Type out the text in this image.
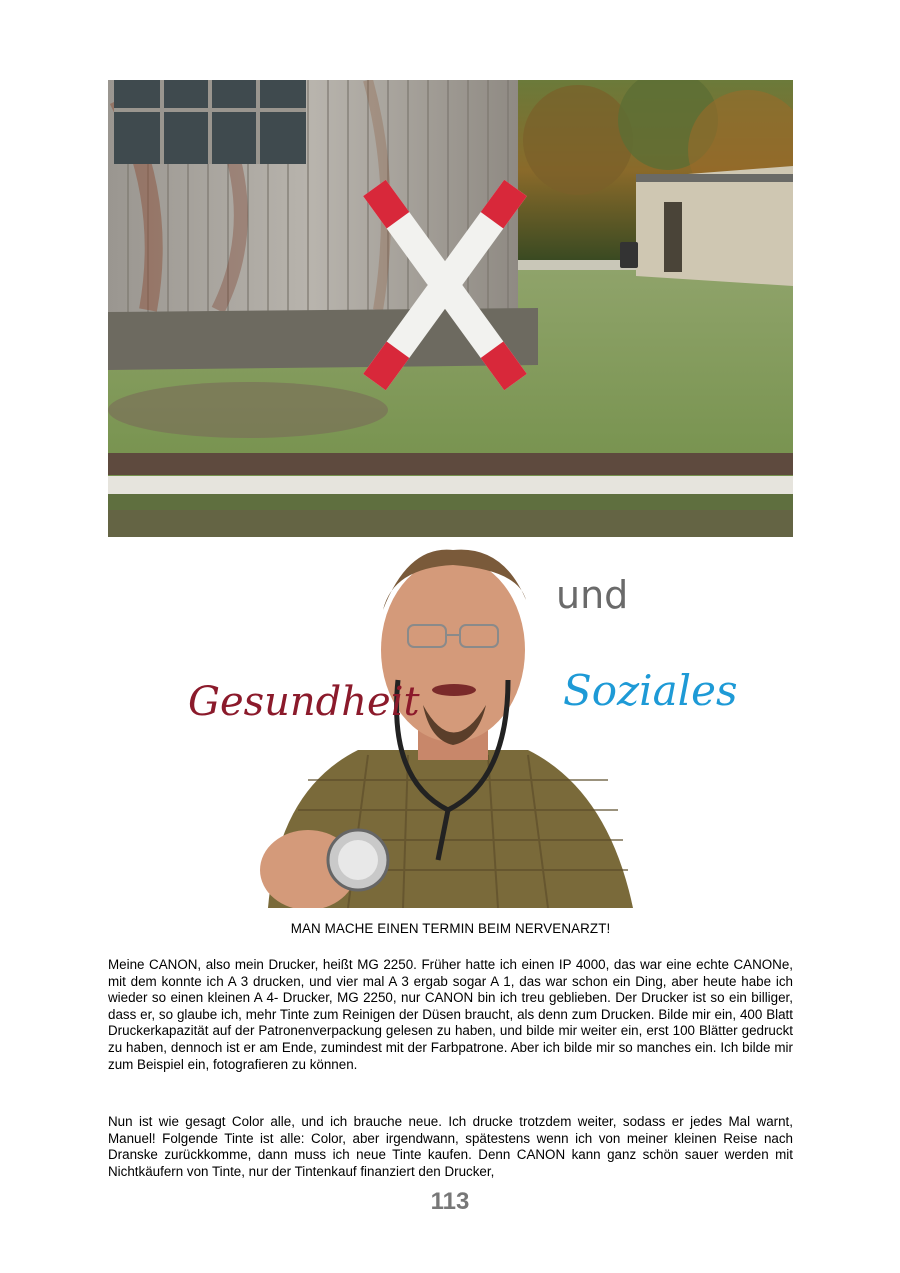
Gesundheit
und
Soziales
MAN MACHE EINEN TERMIN BEIM NERVENARZT!

Meine CANON, also mein Drucker, heißt MG 2250. Früher hatte ich einen IP 4000, das war eine echte CANONe, mit dem konnte ich A 3 drucken, und vier mal A 3 ergab sogar A 1, das war schon ein Ding, aber heute habe ich wieder so einen kleinen A 4- Drucker, MG 2250, nur CANON bin ich treu geblieben. Der Drucker ist so ein billiger, dass er, so glaube ich, mehr Tinte zum Reinigen der Düsen braucht, als denn zum Drucken. Bilde mir ein, 400 Blatt Druckerkapazität auf der Patronenverpackung gelesen zu haben, und bilde mir weiter ein, erst 100 Blätter gedruckt zu haben, dennoch ist er am Ende, zumindest mit der Farbpatrone. Aber ich bilde mir so manches ein. Ich bilde mir zum Beispiel ein, fotografieren zu können.

Nun ist wie gesagt Color alle, und ich brauche neue. Ich drucke trotzdem weiter, sodass er jedes Mal warnt, Manuel! Folgende Tinte ist alle: Color, aber irgendwann, spätestens wenn ich von meiner kleinen Reise nach Dranske zurückkomme, dann muss ich neue Tinte kaufen. Denn CANON kann ganz schön sauer werden mit Nichtkäufern von Tinte, nur der Tintenkauf finanziert den Drucker,

113
